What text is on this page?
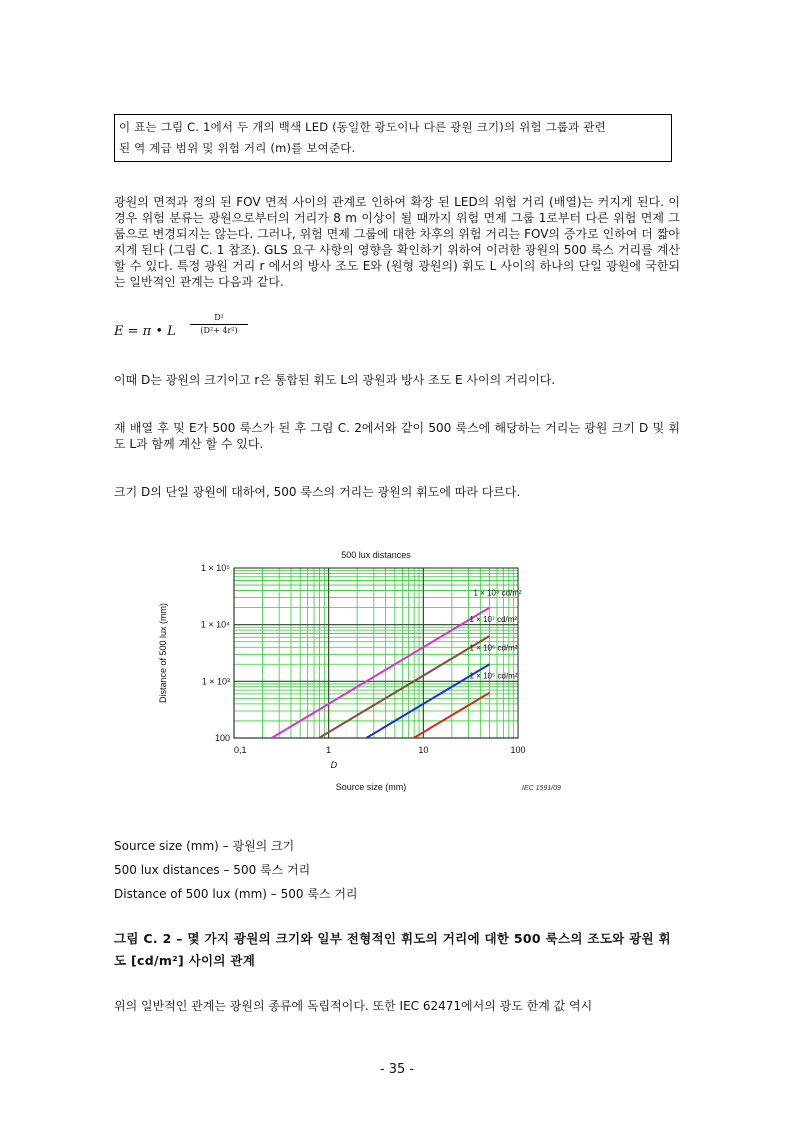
이 표는 그림 C. 1에서 두 개의 백색 LED (동일한 광도이나 다른 광원 크기)의 위험 그룹과 관련
된 역 계급 범위 및 위험 거리 (m)를 보여준다.

광원의 면적과 정의 된 FOV 면적 사이의 관계로 인하여 확장 된 LED의 위험 거리 (배열)는 커지게 된다. 이 경우 위험 분류는 광원으로부터의 거리가 8 m 이상이 될 때까지 위험 면제 그룹 1로부터 다른 위험 면제 그룹으로 변경되지는 않는다. 그러나, 위험 면제 그룹에 대한 차후의 위험 거리는 FOV의 증가로 인하여 더 짧아지게 된다 (그림 C. 1 참조). GLS 요구 사항의 영향을 확인하기 위하여 이러한 광원의 500 룩스 거리를 계산 할 수 있다. 특정 광원 거리 r 에서의 방사 조도 E와 (원형 광원의) 휘도 L 사이의 하나의 단일 광원에 국한되는 일반적인 관계는 다음과 같다.

E = π • L
D²
(D²+ 4r²)

이때 D는 광원의 크기이고 r은 통합된 휘도 L의 광원과 방사 조도 E 사이의 거리이다.

재 배열 후 및 E가 500 룩스가 된 후 그림 C. 2에서와 같이 500 룩스에 해당하는 거리는 광원 크기 D 및 휘도 L과 함께 계산 할 수 있다.

크기 D의 단일 광원에 대하여, 500 룩스의 거리는 광원의 휘도에 따라 다르다.

1 × 10⁸ cd/m²
1 × 10⁷ cd/m²
1 × 10⁶ cd/m²
1 × 10⁵ cd/m²
0,1	1	10	100
100
1 × 10³
1 × 10⁴
1 × 10⁵
500 lux distances
D
Source size (mm)
Distance of 500 lux (mm)
IEC 1591/09
Source size (mm) – 광원의 크기
500 lux distances – 500 룩스 거리
Distance of 500 lux (mm) – 500 룩스 거리

그림 C. 2 – 몇 가지 광원의 크기와 일부 전형적인 휘도의 거리에 대한 500 룩스의 조도와 광원 휘도 [cd/m²] 사이의 관계

위의 일반적인 관계는 광원의 종류에 독립적이다. 또한 IEC 62471에서의 광도 한계 값 역시

- 35 -
